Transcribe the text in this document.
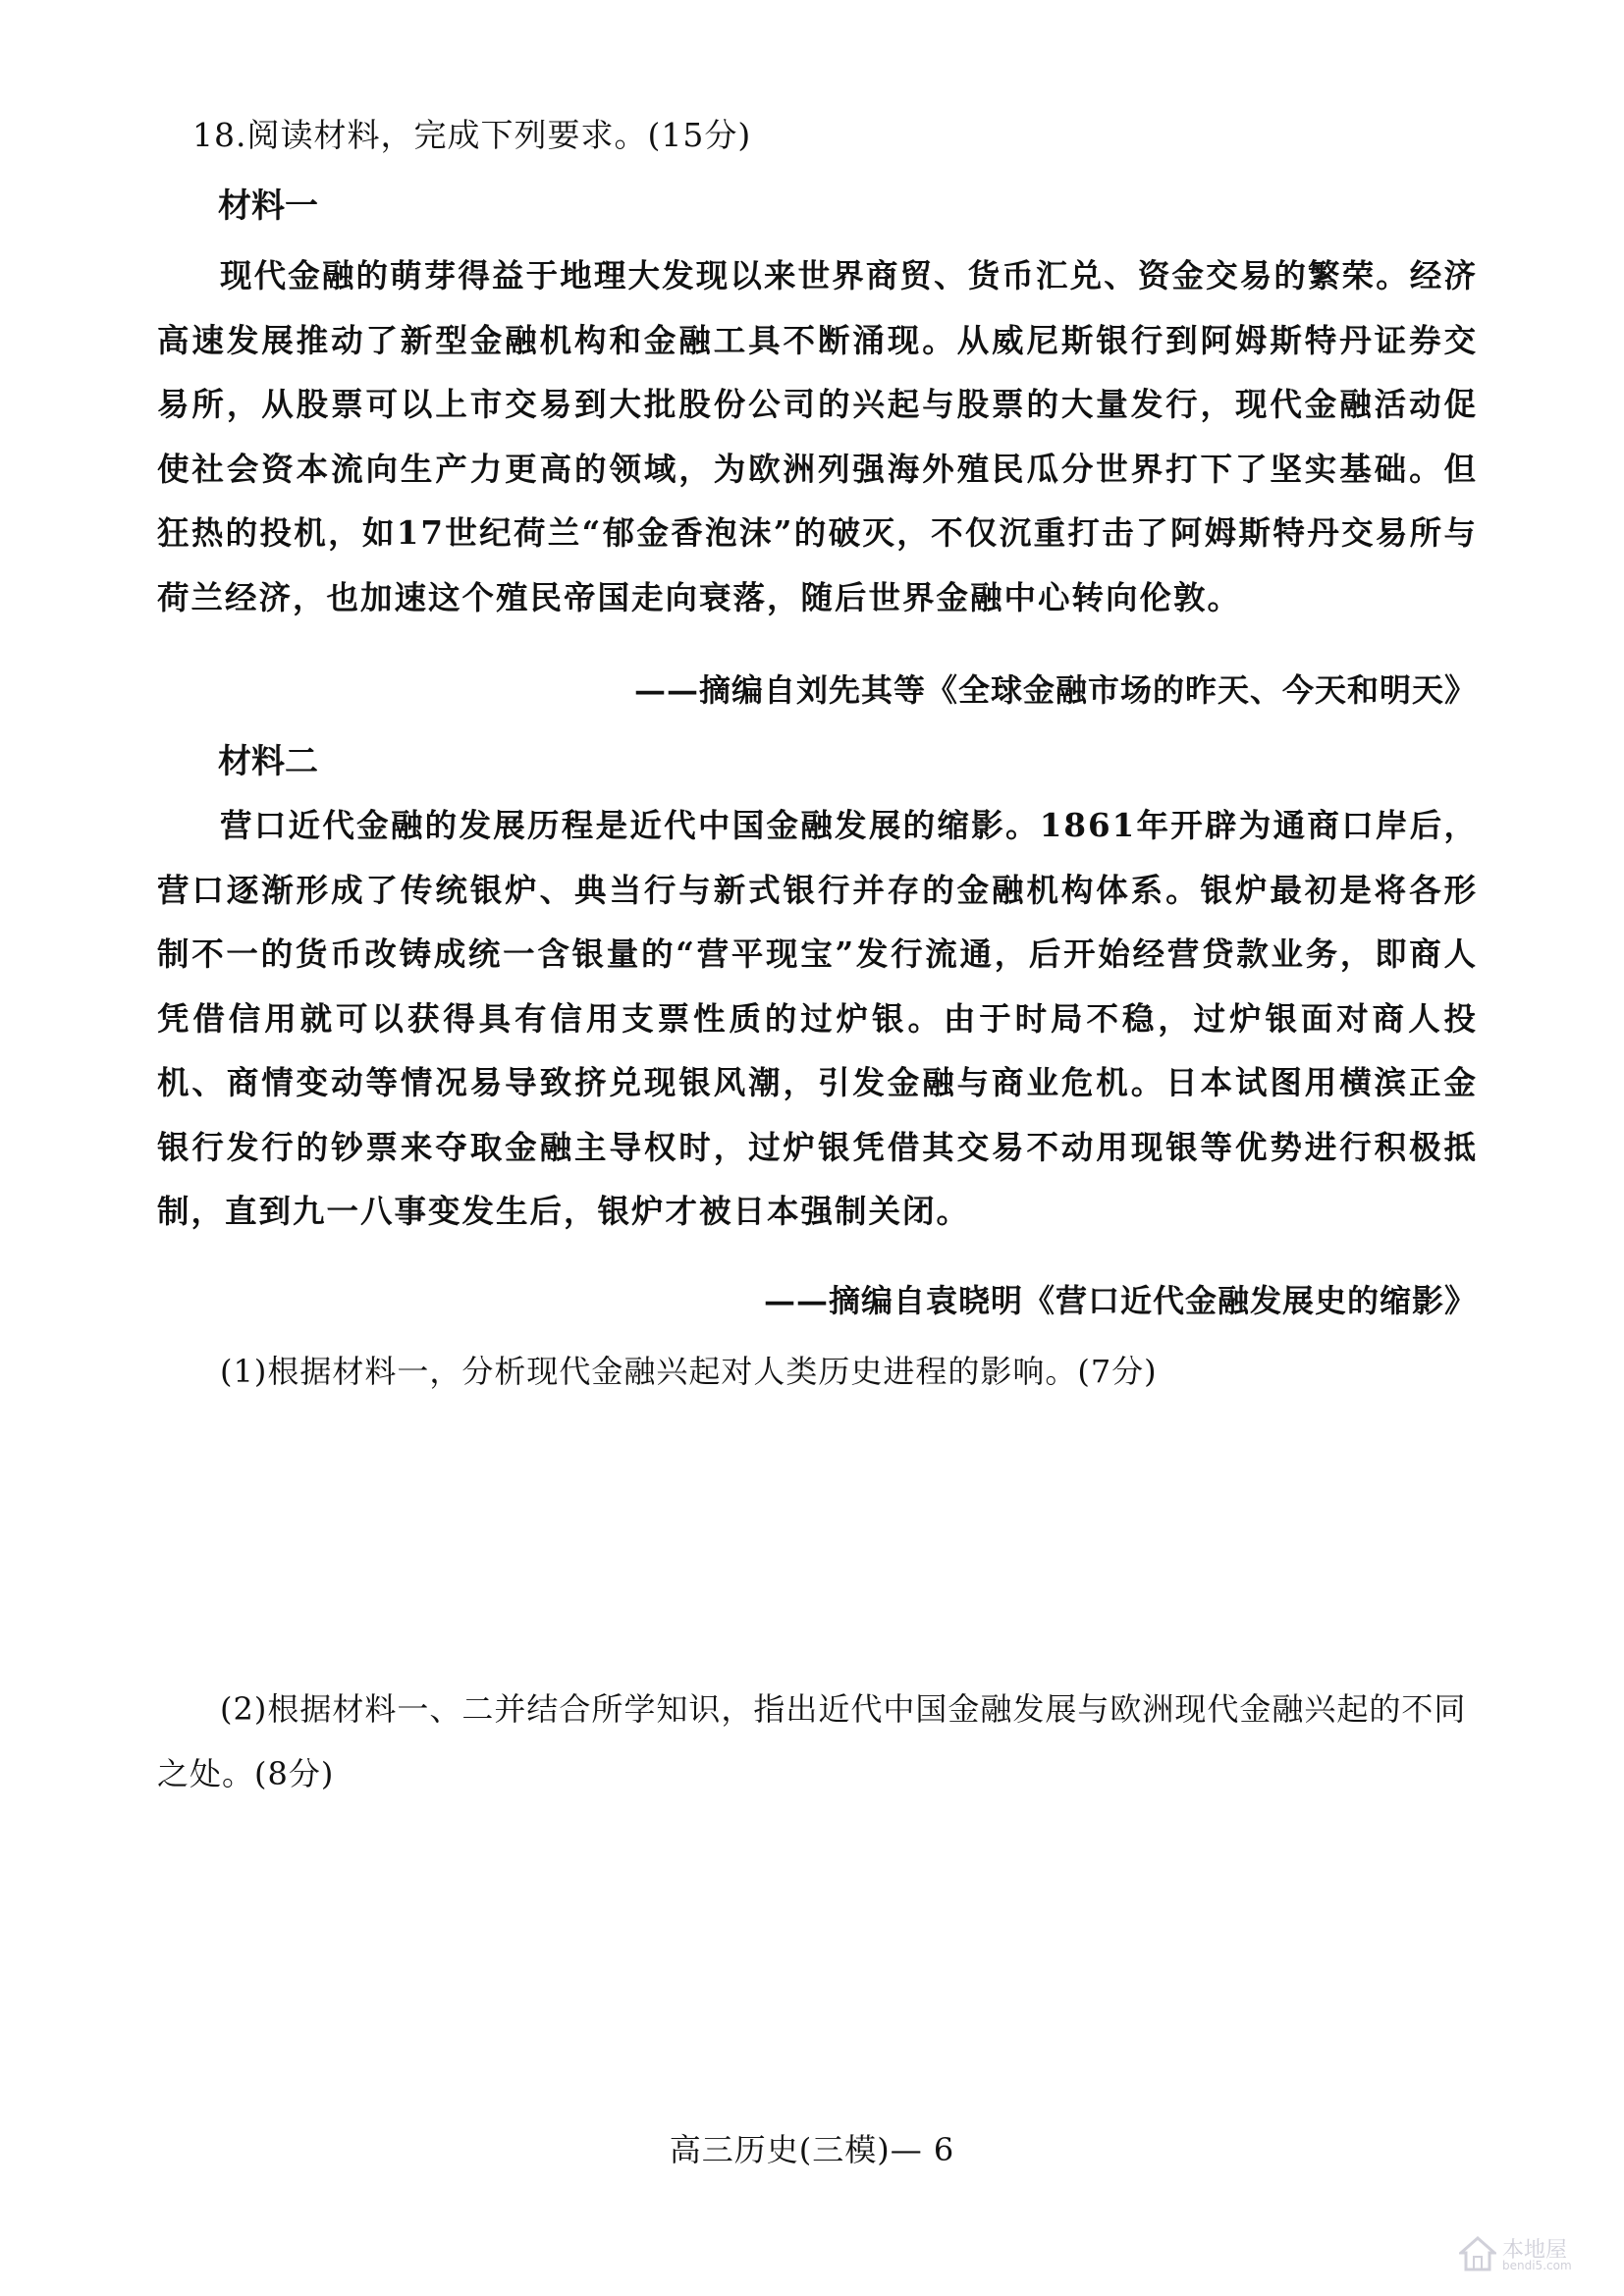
18.阅读材料，完成下列要求。(15分)
材料一
现代金融的萌芽得益于地理大发现以来世界商贸、货币汇兑、资金交易的繁荣。经济高速发展推动了新型金融机构和金融工具不断涌现。从威尼斯银行到阿姆斯特丹证券交易所，从股票可以上市交易到大批股份公司的兴起与股票的大量发行，现代金融活动促使社会资本流向生产力更高的领域，为欧洲列强海外殖民瓜分世界打下了坚实基础。但狂热的投机，如17世纪荷兰“郁金香泡沫”的破灭，不仅沉重打击了阿姆斯特丹交易所与荷兰经济，也加速这个殖民帝国走向衰落，随后世界金融中心转向伦敦。
——摘编自刘先其等《全球金融市场的昨天、今天和明天》
材料二
营口近代金融的发展历程是近代中国金融发展的缩影。1861年开辟为通商口岸后，营口逐渐形成了传统银炉、典当行与新式银行并存的金融机构体系。银炉最初是将各形制不一的货币改铸成统一含银量的“营平现宝”发行流通，后开始经营贷款业务，即商人凭借信用就可以获得具有信用支票性质的过炉银。由于时局不稳，过炉银面对商人投机、商情变动等情况易导致挤兑现银风潮，引发金融与商业危机。日本试图用横滨正金银行发行的钞票来夺取金融主导权时，过炉银凭借其交易不动用现银等优势进行积极抵制，直到九一八事变发生后，银炉才被日本强制关闭。
——摘编自袁晓明《营口近代金融发展史的缩影》
(1)根据材料一，分析现代金融兴起对人类历史进程的影响。(7分)
(2)根据材料一、二并结合所学知识，指出近代中国金融发展与欧洲现代金融兴起的不同之处。(8分)
高三历史(三模)— 6
本地屋
bendi5.com
